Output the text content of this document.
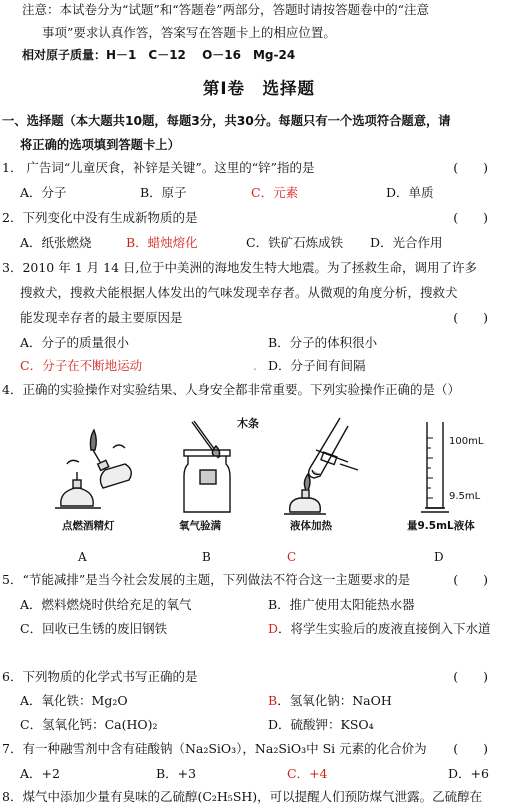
注意：本试卷分为“试题”和“答题卷”两部分，答题时请按答题卷中的“注意
事项”要求认真作答，答案写在答题卡上的相应位置。
相对原子质量：H－1　C－12　 O－16　Mg-24
第Ⅰ卷　选择题
一、选择题（本大题共10题，每题3分，共30分。每题只有一个选项符合题意，请
将正确的选项填到答题卡上）
1． 广告词“儿童厌食，补锌是关键”。这里的“锌”指的是	(　　)
A．分子	B．原子	C．元素	D．单质
2．下列变化中没有生成新物质的是	(　　)
A．纸张燃烧	B．蜡烛熔化	C．铁矿石炼成铁 D．光合作用
3．2010 年 1 月 14 日,位于中美洲的海地发生特大地震。为了拯救生命，调用了许多
搜救犬，搜救犬能根据人体发出的气味发现幸存者。从微观的角度分析，搜救犬
能发现幸存者的最主要原因是	(　　)
A．分子的质量很小	B．分子的体积很小
C．分子在不断地运动	. D．分子间有间隔
4．正确的实验操作对实验结果、人身安全都非常重要。下列实验操作正确的是（）
点燃酒精灯
木条
氧气验满	液体加热
100mL
9.5mL
量9.5mL液体
A	B	C	D
5．“节能减排”是当今社会发展的主题，下列做法不符合这一主题要求的是	(　　)
A．燃料燃烧时供给充足的氧气	B．推广使用太阳能热水器
C．回收已生锈的废旧钢铁	D．将学生实验后的废液直接倒入下水道
6．下列物质的化学式书写正确的是	(　　)
A．氧化铁：Mg₂O	B．氢氧化钠：NaOH
C．氢氧化钙：Ca(HO)₂	D．硫酸钾：KSO₄
7．有一种融雪剂中含有硅酸钠（Na₂SiO₃），Na₂SiO₃中 Si 元素的化合价为	(　　)
A．+2	B．+3	C．+4	D．+6
8．煤气中添加少量有臭味的乙硫醇(C₂H₅SH)，可以提醒人们预防煤气泄露。乙硫醇在
